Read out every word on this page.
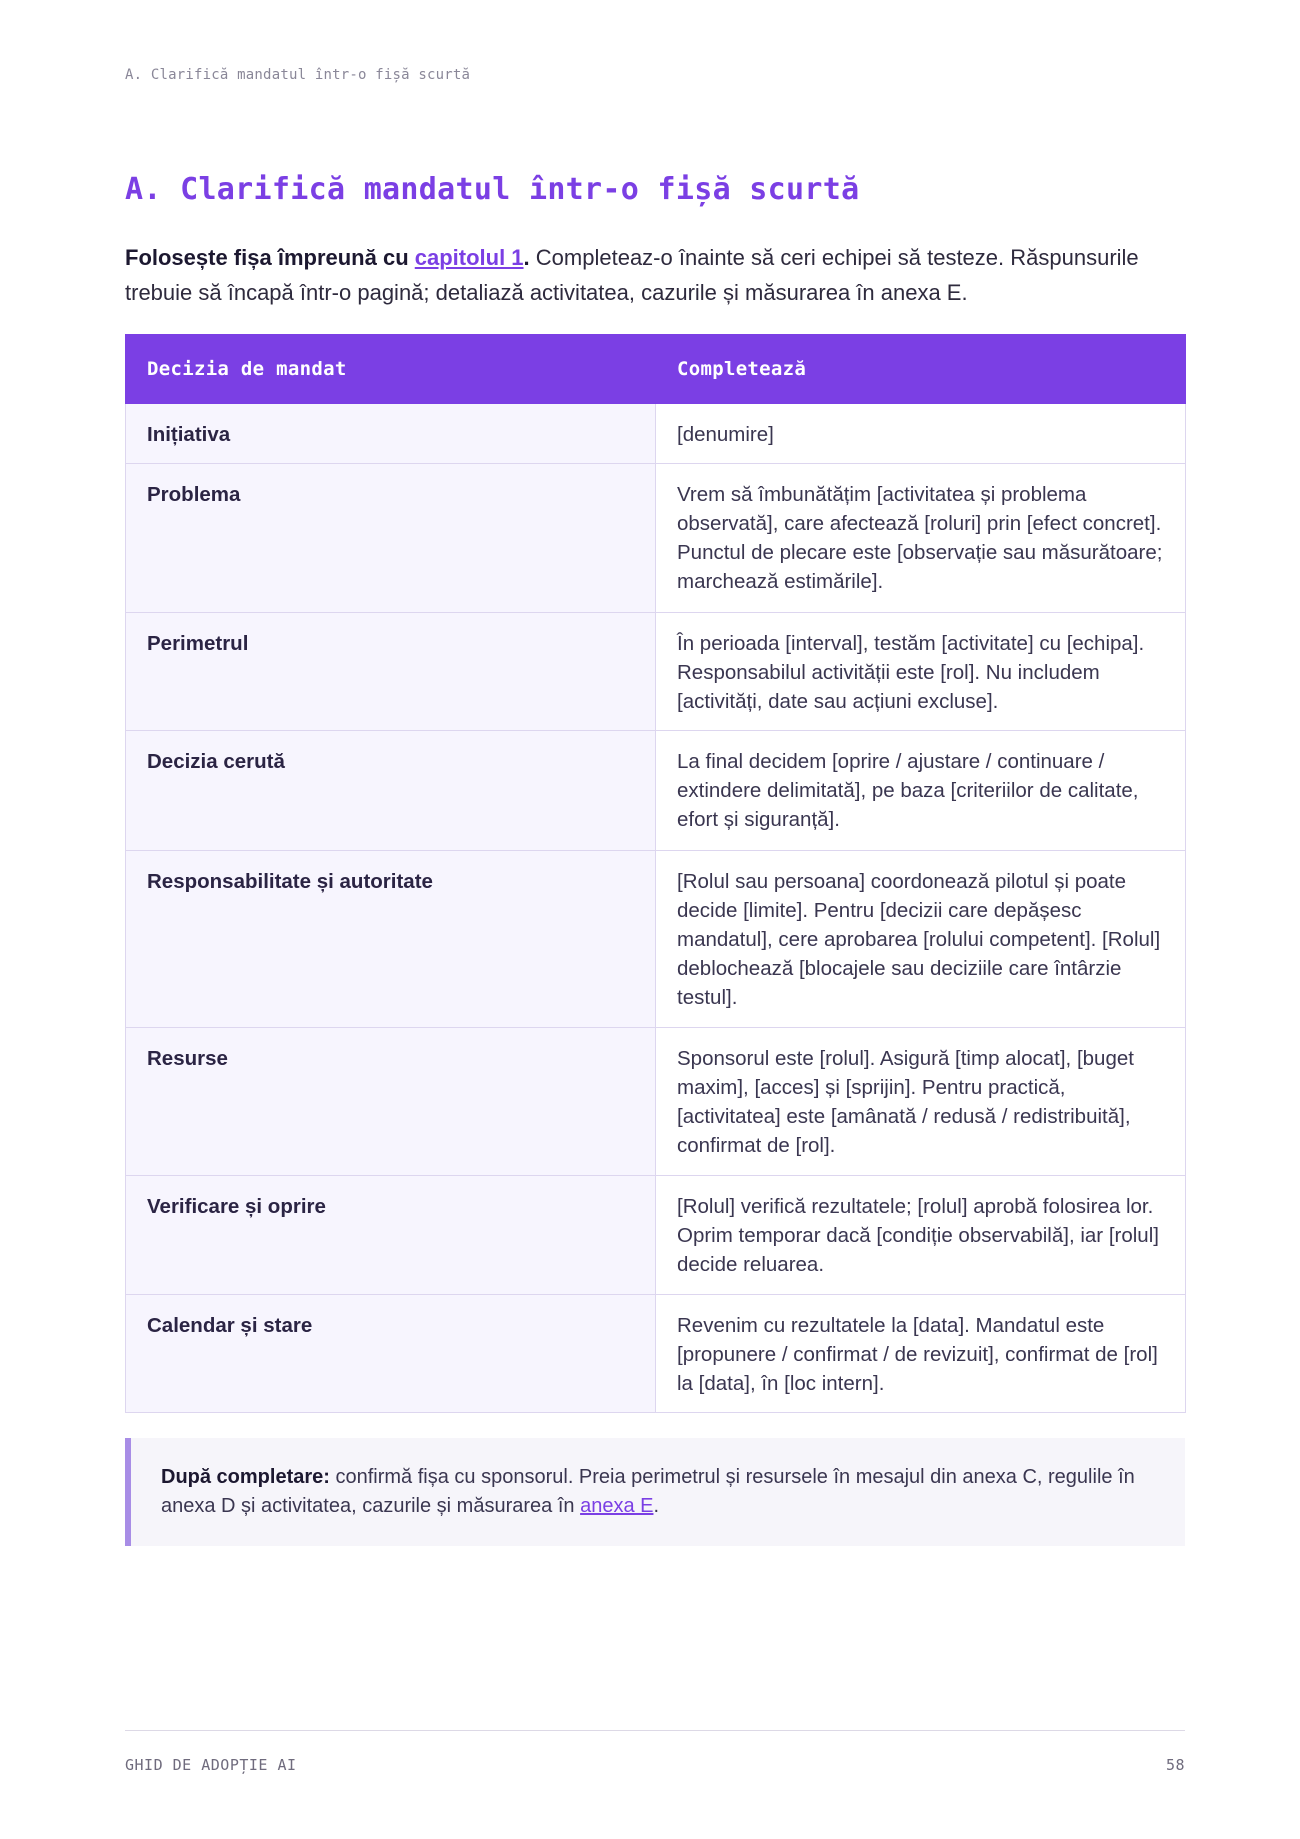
A. Clarifică mandatul într-o fișă scurtă
A. Clarifică mandatul într-o fișă scurtă

Folosește fișa împreună cu capitolul 1. Completeaz-o înainte să ceri echipei să testeze. Răspunsurile trebuie să încapă într-o pagină; detaliază activitatea, cazurile și măsurarea în anexa E.

Decizia de mandat	Completează
Inițiativa	[denumire]
Problema	Vrem să îmbunătățim [activitatea și problema observată], care afectează [roluri] prin [efect concret]. Punctul de plecare este [observație sau măsurătoare; marchează estimările].
Perimetrul	În perioada [interval], testăm [activitate] cu [echipa]. Responsabilul activității este [rol]. Nu includem [activități, date sau acțiuni excluse].
Decizia cerută	La final decidem [oprire / ajustare / continuare / extindere delimitată], pe baza [criteriilor de calitate, efort și siguranță].
Responsabilitate și autoritate	[Rolul sau persoana] coordonează pilotul și poate decide [limite]. Pentru [decizii care depășesc mandatul], cere aprobarea [rolului competent]. [Rolul] deblochează [blocajele sau deciziile care întârzie testul].
Resurse	Sponsorul este [rolul]. Asigură [timp alocat], [buget maxim], [acces] și [sprijin]. Pentru practică, [activitatea] este [amânată / redusă / redistribuită], confirmat de [rol].
Verificare și oprire	[Rolul] verifică rezultatele; [rolul] aprobă folosirea lor. Oprim temporar dacă [condiție observabilă], iar [rolul] decide reluarea.
Calendar și stare	Revenim cu rezultatele la [data]. Mandatul este [propunere / confirmat / de revizuit], confirmat de [rol] la [data], în [loc intern].
După completare: confirmă fișa cu sponsorul. Preia perimetrul și resursele în mesajul din anexa C, regulile în anexa D și activitatea, cazurile și măsurarea în anexa E.
GHID DE ADOPȚIE AI	58
